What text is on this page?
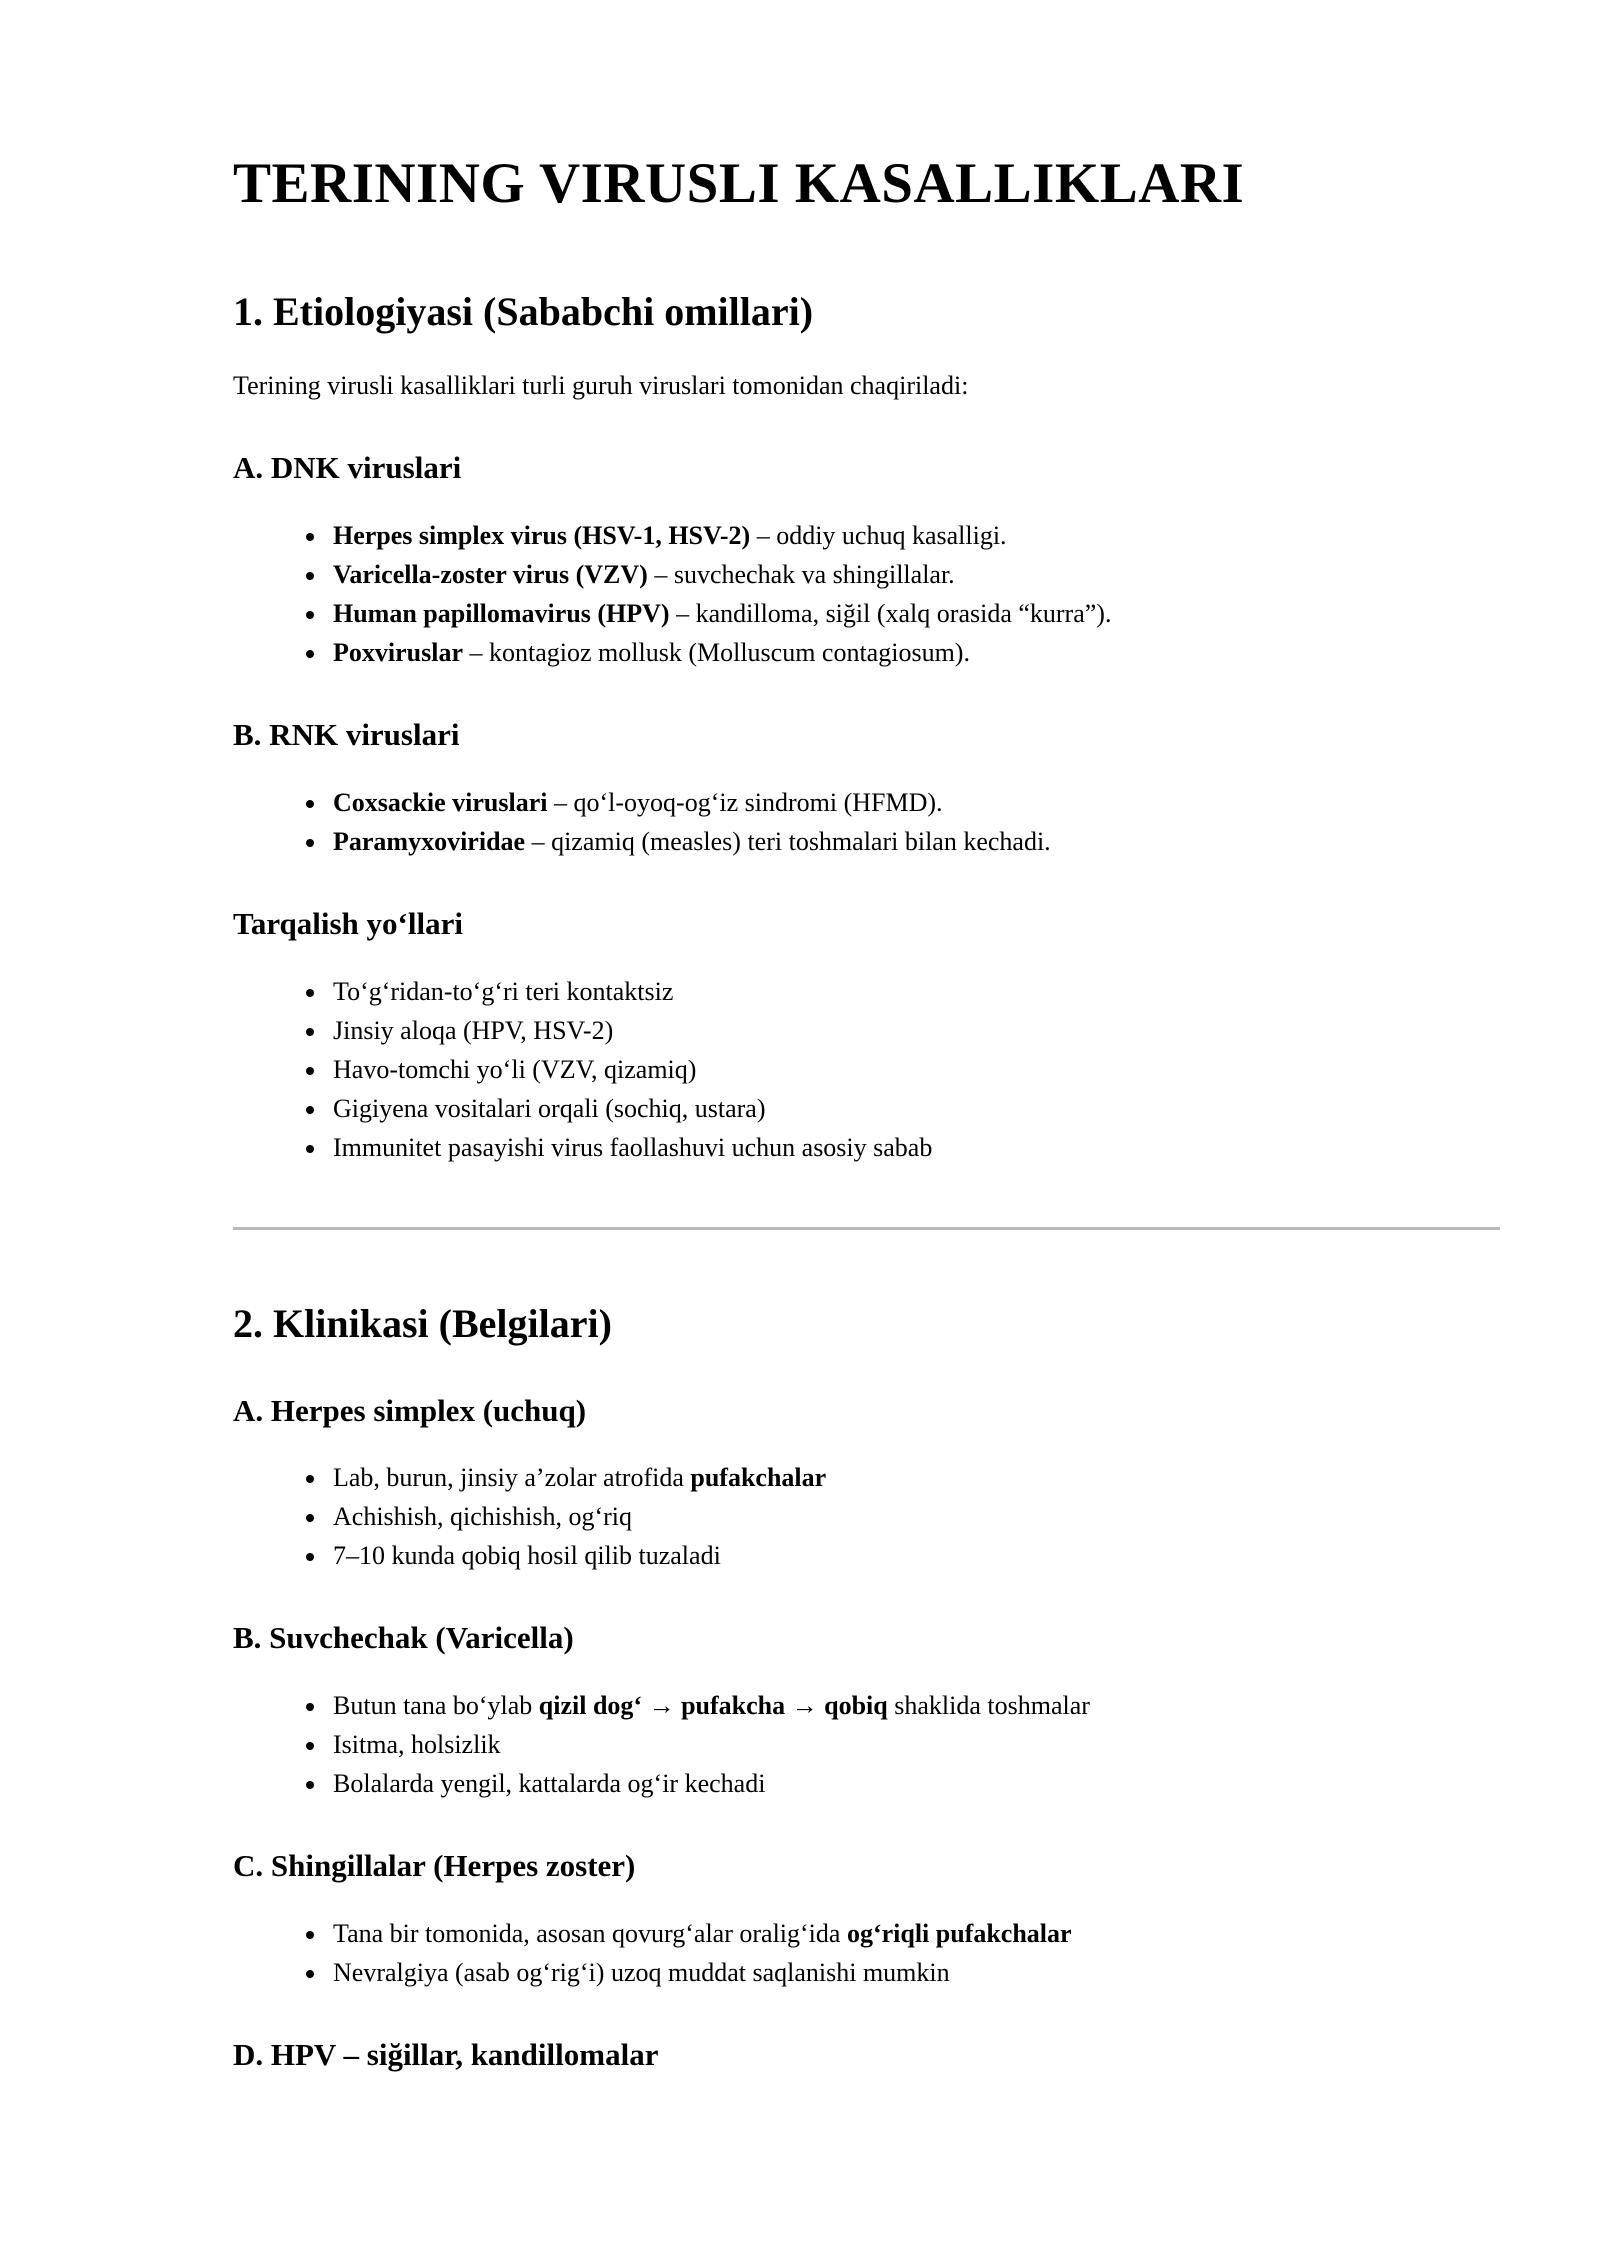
TERINING VIRUSLI KASALLIKLARI
1. Etiologiyasi (Sababchi omillari)

Terining virusli kasalliklari turli guruh viruslari tomonidan chaqiriladi:

A. DNK viruslari
• Herpes simplex virus (HSV-1, HSV-2) – oddiy uchuq kasalligi.
• Varicella-zoster virus (VZV) – suvchechak va shingillalar.
• Human papillomavirus (HPV) – kandilloma, siğil (xalq orasida “kurra”).
• Poxviruslar – kontagioz mollusk (Molluscum contagiosum).
B. RNK viruslari
• Coxsackie viruslari – qo‘l-oyoq-og‘iz sindromi (HFMD).
• Paramyxoviridae – qizamiq (measles) teri toshmalari bilan kechadi.
Tarqalish yo‘llari
• To‘g‘ridan-to‘g‘ri teri kontaktsiz
• Jinsiy aloqa (HPV, HSV-2)
• Havo-tomchi yo‘li (VZV, qizamiq)
• Gigiyena vositalari orqali (sochiq, ustara)
• Immunitet pasayishi virus faollashuvi uchun asosiy sabab
2. Klinikasi (Belgilari)
A. Herpes simplex (uchuq)
• Lab, burun, jinsiy a’zolar atrofida pufakchalar
• Achishish, qichishish, og‘riq
• 7–10 kunda qobiq hosil qilib tuzaladi
B. Suvchechak (Varicella)
• Butun tana bo‘ylab qizil dog‘ → pufakcha → qobiq shaklida toshmalar
• Isitma, holsizlik
• Bolalarda yengil, kattalarda og‘ir kechadi
C. Shingillalar (Herpes zoster)
• Tana bir tomonida, asosan qovurg‘alar oralig‘ida og‘riqli pufakchalar
• Nevralgiya (asab og‘rig‘i) uzoq muddat saqlanishi mumkin
D. HPV – siğillar, kandillomalar
